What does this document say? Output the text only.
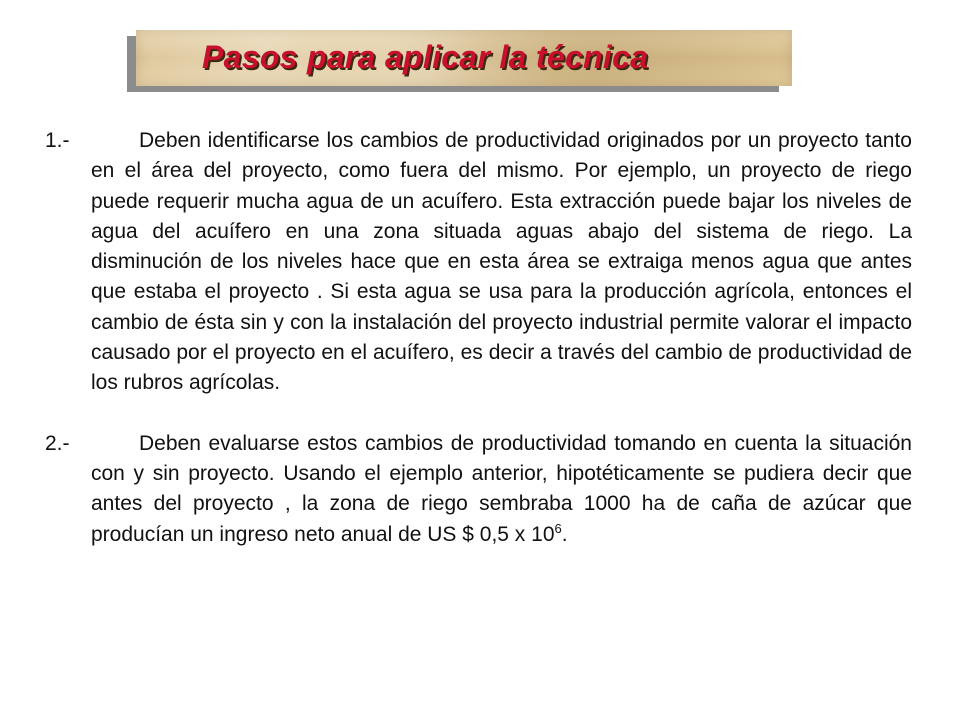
Pasos para aplicar la técnica
1.-	Deben identificarse los cambios de productividad originados por un proyecto tanto en el área del proyecto, como fuera del mismo. Por ejemplo, un proyecto de riego puede requerir mucha agua de un acuífero. Esta extracción puede bajar los niveles de agua del acuífero en una zona situada aguas abajo del sistema de riego. La disminución de los niveles hace que en esta área se extraiga menos agua que antes que estaba el proyecto . Si esta agua se usa para la producción agrícola, entonces el cambio de ésta sin y con la instalación del proyecto industrial permite valorar el impacto causado por el proyecto en el acuífero, es decir a través del cambio de productividad de los rubros agrícolas.
2.-	Deben evaluarse estos cambios de productividad tomando en cuenta la situación con y sin proyecto. Usando el ejemplo anterior, hipotéticamente se pudiera decir que antes del proyecto , la zona de riego sembraba 1000 ha de caña de azúcar que producían un ingreso neto anual de US $ 0,5 x $10^6$.
